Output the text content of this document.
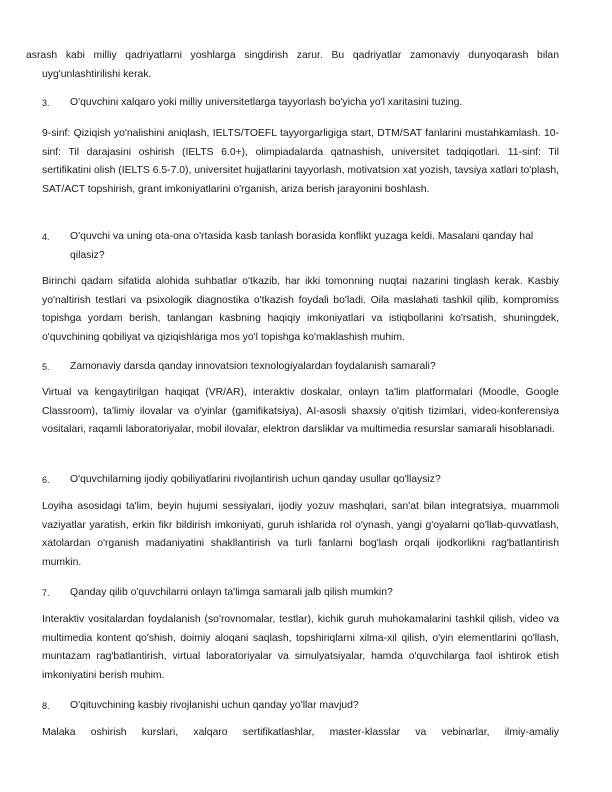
asrash kabi milliy qadriyatlarni yoshlarga singdirish zarur. Bu qadriyatlar zamonaviy dunyoqarash bilan
uyg'unlashtirilishi kerak.
3.	O'quvchini xalqaro yoki milliy universitetlarga tayyorlash bo'yicha yo'l xaritasini tuzing.
9-sinf: Qiziqish yo'nalishini aniqlash, IELTS/TOEFL tayyorgarligiga start, DTM/SAT fanlarini mustahkamlash. 10-sinf: Til darajasini oshirish (IELTS 6.0+), olimpiadalarda qatnashish, universitet tadqiqotlari. 11-sinf: Til sertifikatini olish (IELTS 6.5-7.0), universitet hujjatlarini tayyorlash, motivatsion xat yozish, tavsiya xatlari to'plash, SAT/ACT topshirish, grant imkoniyatlarini o'rganish, ariza berish jarayonini boshlash.
4.	O'quvchi va uning ota-ona o'rtasida kasb tanlash borasida konflikt yuzaga keldi. Masalani qanday hal qilasiz?
Birinchi qadam sifatida alohida suhbatlar o'tkazib, har ikki tomonning nuqtai nazarini tinglash kerak. Kasbiy yo'naltirish testlari va psixologik diagnostika o'tkazish foydali bo'ladi. Oila maslahati tashkil qilib, kompromiss topishga yordam berish, tanlangan kasbning haqiqiy imkoniyatlari va istiqbollarini ko'rsatish, shuningdek, o'quvchining qobiliyat va qiziqishlariga mos yo'l topishga ko'maklashish muhim.
5.	Zamonaviy darsda qanday innovatsion texnologiyalardan foydalanish samarali?
Virtual va kengaytirilgan haqiqat (VR/AR), interaktiv doskalar, onlayn ta'lim platformalari (Moodle, Google Classroom), ta'limiy ilovalar va o'yinlar (gamifikatsiya), AI-asosli shaxsiy o'qitish tizimlari, video-konferensiya vositalari, raqamli laboratoriyalar, mobil ilovalar, elektron darsliklar va multimedia resurslar samarali hisoblanadi.
6.	O'quvchilarning ijodiy qobiliyatlarini rivojlantirish uchun qanday usullar qo'llaysiz?
Loyiha asosidagi ta'lim, beyin hujumi sessiyalari, ijodiy yozuv mashqlari, san'at bilan integratsiya, muammoli vaziyatlar yaratish, erkin fikr bildirish imkoniyati, guruh ishlarida rol o'ynash, yangi g'oyalarni qo'llab-quvvatlash, xatolardan o'rganish madaniyatini shakllantirish va turli fanlarni bog'lash orqali ijodkorlikni rag'batlantirish mumkin.
7.	Qanday qilib o'quvchilarni onlayn ta'limga samarali jalb qilish mumkin?
Interaktiv vositalardan foydalanish (so'rovnomalar, testlar), kichik guruh muhokamalarini tashkil qilish, video va multimedia kontent qo'shish, doimiy aloqani saqlash, topshiriqlarni xilma-xil qilish, o'yin elementlarini qo'llash, muntazam rag'batlantirish, virtual laboratoriyalar va simulyatsiyalar, hamda o'quvchilarga faol ishtirok etish imkoniyatini berish muhim.
8.	O'qituvchining kasbiy rivojlanishi uchun qanday yo'llar mavjud?
Malaka oshirish kurslari, xalqaro sertifikatlashlar, master-klasslar va vebinarlar, ilmiy-amaliy
